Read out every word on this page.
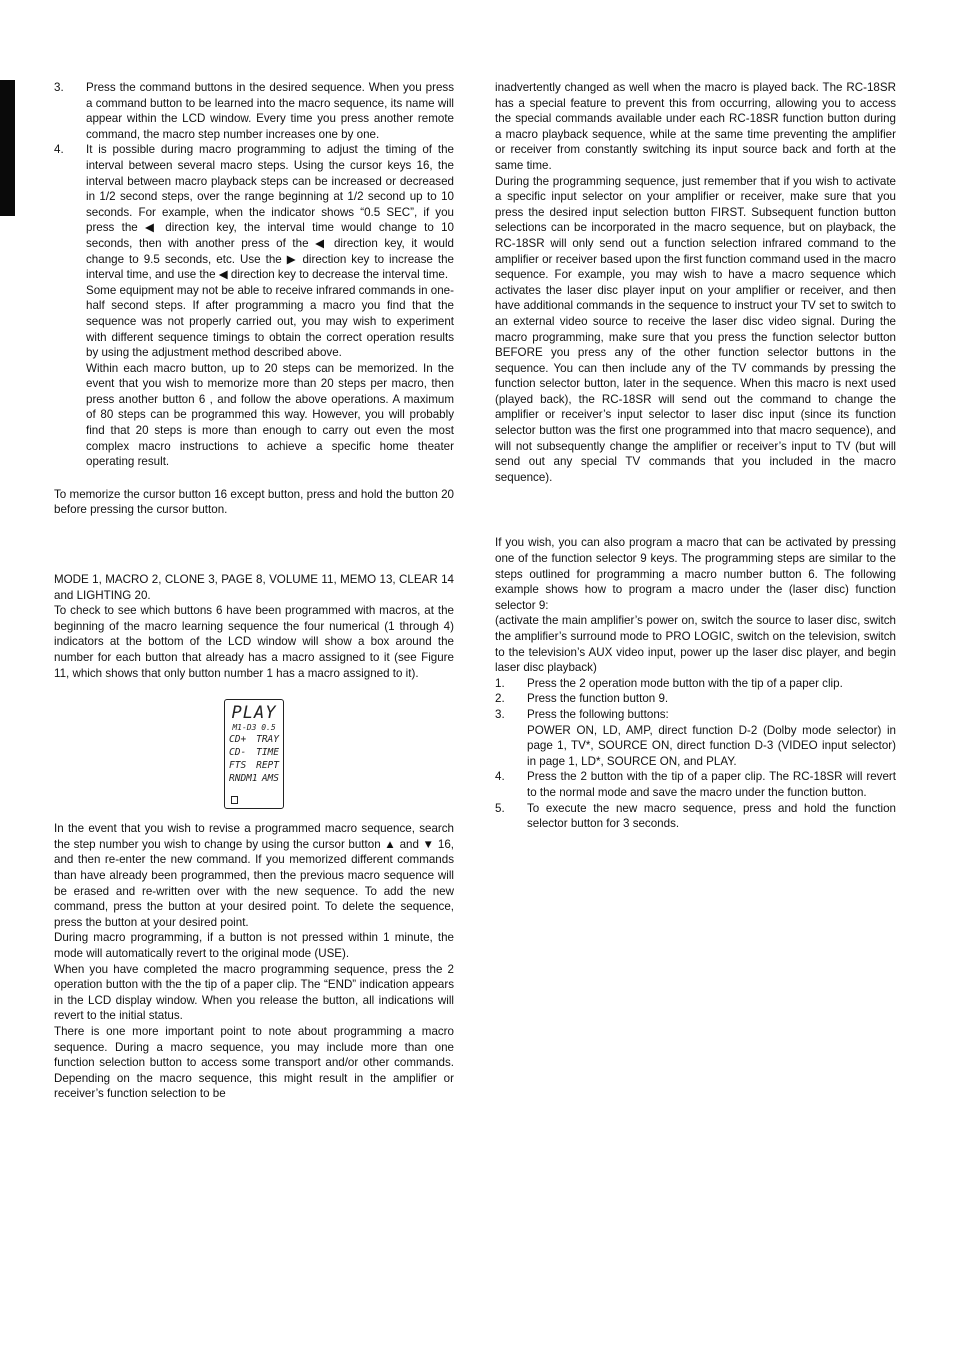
3.	Press the command buttons in the desired sequence. When you press a command button to be learned into the macro sequence, its name will appear within the LCD window. Every time you press another remote command, the macro step number increases one by one.

4.	It is possible during macro programming to adjust the timing of the interval between several macro steps. Using the cursor keys 16, the interval between macro playback steps can be increased or decreased in 1/2 second steps, over the range beginning at 1/2 second up to 10 seconds. For example, when the indicator shows “0.5 SEC”, if you press the ◀ direction key, the interval time would change to 10 seconds, then with another press of the ◀ direction key, it would change to 9.5 seconds, etc. Use the ▶ direction key to increase the interval time, and use the ◀ direction key to decrease the interval time.

Some equipment may not be able to receive infrared commands in one-half second steps. If after programming a macro you find that the sequence was not properly carried out, you may wish to experiment with different sequence timings to obtain the correct operation results by using the adjustment method described above.

Within each macro button, up to 20 steps can be memorized. In the event that you wish to memorize more than 20 steps per macro, then press another button 6 , and follow the above operations. A maximum of 80 steps can be programmed this way. However, you will probably find that 20 steps is more than enough to carry out even the most complex macro instructions to achieve a specific home theater operating result.

To memorize the cursor button 16 except button, press and hold the button 20 before pressing the cursor button.

MODE 1, MACRO 2, CLONE 3, PAGE 8, VOLUME 11, MEMO 13, CLEAR 14 and LIGHTING 20.

To check to see which buttons 6 have been programmed with macros, at the beginning of the macro learning sequence the four numerical (1 through 4) indicators at the bottom of the LCD window will show a box around the number for each button that already has a macro assigned to it (see Figure 11, which shows that only button number 1 has a macro assigned to it).

PLAY
M1-D3 0.5
CD+ TRAY
CD- TIME
FTS REPT
RNDM1 AMS

In the event that you wish to revise a programmed macro sequence, search the step number you wish to change by using the cursor button ▲ and ▼ 16, and then re-enter the new command. If you memorized different commands than have already been programmed, then the previous macro sequence will be erased and re-written over with the new sequence. To add the new command, press the button at your desired point. To delete the sequence, press the button at your desired point.

During macro programming, if a button is not pressed within 1 minute, the mode will automatically revert to the original mode (USE).

When you have completed the macro programming sequence, press the 2 operation button with the the tip of a paper clip. The “END” indication appears in the LCD display window. When you release the button, all indications will revert to the initial status.

There is one more important point to note about programming a macro sequence. During a macro sequence, you may include more than one function selection button to access some transport and/or other commands. Depending on the macro sequence, this might result in the amplifier or receiver’s function selection to be

inadvertently changed as well when the macro is played back. The RC-18SR has a special feature to prevent this from occurring, allowing you to access the special commands available under each RC-18SR function button during a macro playback sequence, while at the same time preventing the amplifier or receiver from constantly switching its input source back and forth at the same time.

During the programming sequence, just remember that if you wish to activate a specific input selector on your amplifier or receiver, make sure that you press the desired input selection button FIRST. Subsequent function button selections can be incorporated in the macro sequence, but on playback, the RC-18SR will only send out a function selection infrared command to the amplifier or receiver based upon the first function command used in the macro sequence. For example, you may wish to have a macro sequence which activates the laser disc player input on your amplifier or receiver, and then have additional commands in the sequence to instruct your TV set to switch to an external video source to receive the laser disc video signal. During the macro programming, make sure that you press the function selector button BEFORE you press any of the other function selector buttons in the sequence. You can then include any of the TV commands by pressing the function selector button, later in the sequence. When this macro is next used (played back), the RC-18SR will send out the command to change the amplifier or receiver’s input selector to laser disc input (since its function selector button was the first one programmed into that macro sequence), and will not subsequently change the amplifier or receiver’s input to TV (but will send out any special TV commands that you included in the macro sequence).

If you wish, you can also program a macro that can be activated by pressing one of the function selector 9 keys. The programming steps are similar to the steps outlined for programming a macro number button 6. The following example shows how to program a macro under the (laser disc) function selector 9:

(activate the main amplifier’s power on, switch the source to laser disc, switch the amplifier’s surround mode to PRO LOGIC, switch on the television, switch to the television’s AUX video input, power up the laser disc player, and begin laser disc playback)

1.	Press the 2 operation mode button with the tip of a paper clip.

2.	Press the function button 9.

3.	Press the following buttons:

POWER ON, LD, AMP, direct function D-2 (Dolby mode selector) in page 1, TV*, SOURCE ON, direct function D-3 (VIDEO input selector) in page 1, LD*, SOURCE ON, and PLAY.

4.	Press the 2 button with the tip of a paper clip. The RC-18SR will revert to the normal mode and save the macro under the function button.

5.	To execute the new macro sequence, press and hold the function selector button for 3 seconds.
